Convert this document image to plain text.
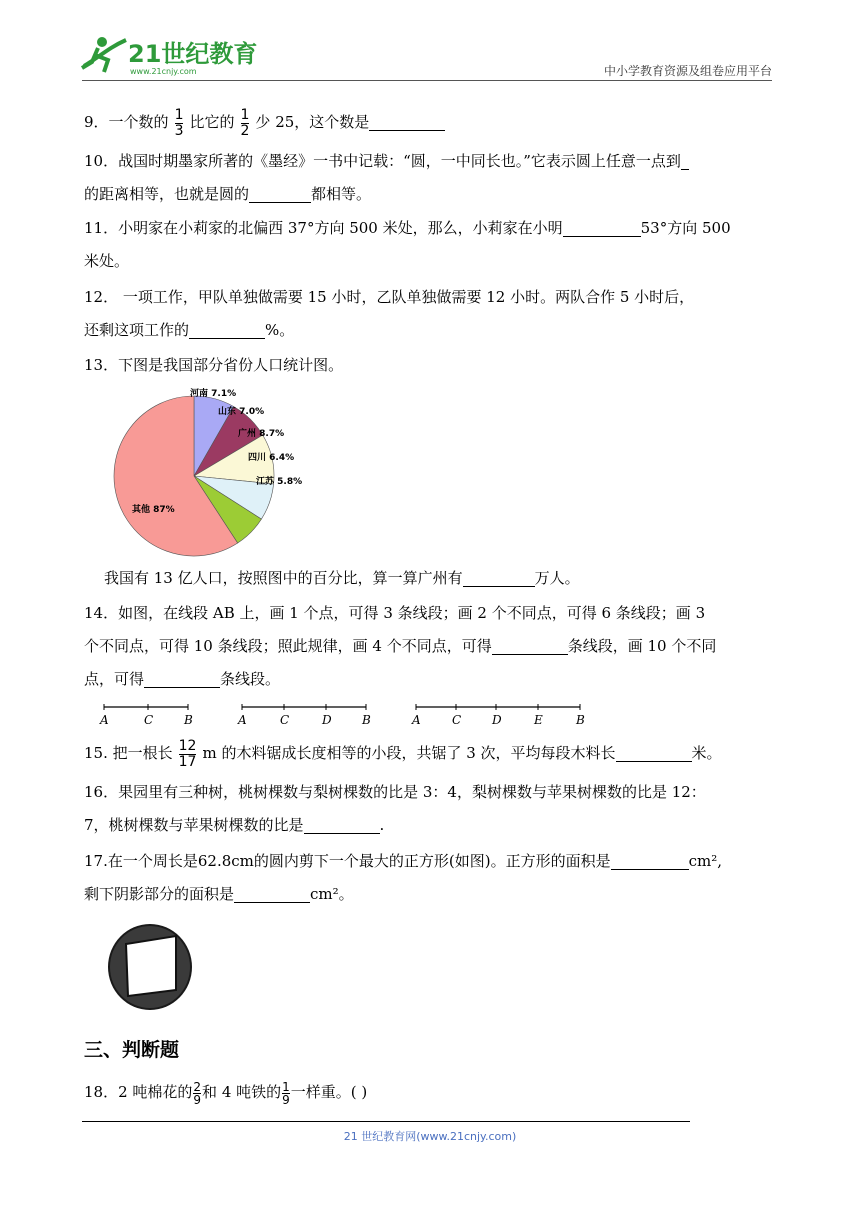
21世纪教育
www.21cnjy.com	中小学教育资源及组卷应用平台
9．一个数的 $\frac{1}{3}$ 比它的 $\frac{1}{2}$ 少 25，这个数是
10．战国时期墨家所著的《墨经》一书中记载：“圆，一中同长也。”它表示圆上任意一点到
的距离相等，也就是圆的	都相等。
11．小明家在小莉家的北偏西 37°方向 500 米处，那么，小莉家在小明	53°方向 500
米处。
12． 一项工作，甲队单独做需要 15 小时，乙队单独做需要 12 小时。两队合作 5 小时后，
还剩这项工作的	%。
13．下图是我国部分省份人口统计图。
河南 7.1%
山东 7.0%
广州 8.7%
四川 6.4%
江苏 5.8%
其他 87%
我国有 13 亿人口，按照图中的百分比，算一算广州有	万人。
14．如图，在线段 AB 上，画 1 个点，可得 3 条线段；画 2 个不同点，可得 6 条线段；画 3
个不同点，可得 10 条线段；照此规律，画 4 个不同点，可得	条线段，画 10 个不同
点，可得	条线段。
A	C	B	A	C	D	B	A	C	D	E	B
15. 把一根长 $\frac{12}{17}$ m 的木料锯成长度相等的小段，共锯了 3 次，平均每段木料长	米。
16．果园里有三种树，桃树棵数与梨树棵数的比是 3：4，梨树棵数与苹果树棵数的比是 12：
7，桃树棵数与苹果树棵数的比是	.
17.在一个周长是62.8cm的圆内剪下一个最大的正方形(如图)。正方形的面积是	cm²,
剩下阴影部分的面积是	cm²。
三、判断题
18．2 吨棉花的 $\frac{2}{9}$ 和 4 吨铁的 $\frac{1}{9}$ 一样重。( )
21 世纪教育网(www.21cnjy.com)
